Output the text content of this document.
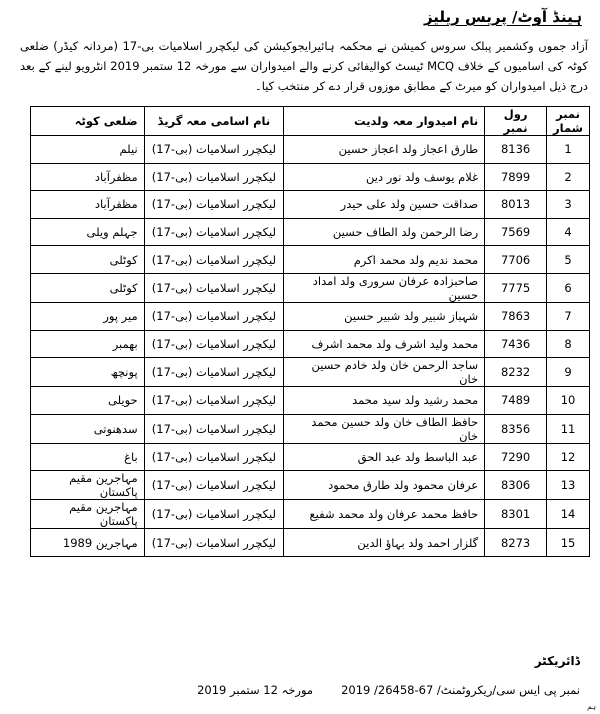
ہینڈ آوٹ/ پریس ریلیز
آزاد جموں وکشمیر پبلک سروس کمیشن نے محکمہ ہائیرایجوکیشن کی لیکچرر اسلامیات بی-17 (مردانہ کیڈر) ضلعی کوٹہ کی اسامیوں کے خلاف MCQ ٹیسٹ کوالیفائی کرنے والے امیدواران سے مورخہ 12 ستمبر 2019 انٹرویو لینے کے بعد درج ذیل امیدواران کو میرٹ کے مطابق موزوں قرار دے کر منتخب کیا۔
نمبر شمار	رول نمبر	نام امیدوار معہ ولدیت	نام اسامی معہ گریڈ	ضلعی کوٹہ
1	8136	طارق اعجاز ولد اعجاز حسین	لیکچرر اسلامیات (بی-17)	نیلم
2	7899	غلام یوسف ولد نور دین	لیکچرر اسلامیات (بی-17)	مظفرآباد
3	8013	صداقت حسین ولد علی حیدر	لیکچرر اسلامیات (بی-17)	مظفرآباد
4	7569	رضا الرحمن ولد الطاف حسین	لیکچرر اسلامیات (بی-17)	جہلم ویلی
5	7706	محمد ندیم ولد محمد اکرم	لیکچرر اسلامیات (بی-17)	کوٹلی
6	7775	صاحبزادہ عرفان سروری ولد امداد حسین	لیکچرر اسلامیات (بی-17)	کوٹلی
7	7863	شہباز شبیر ولد شبیر حسین	لیکچرر اسلامیات (بی-17)	میر پور
8	7436	محمد ولید اشرف ولد محمد اشرف	لیکچرر اسلامیات (بی-17)	بھمبر
9	8232	ساجد الرحمن خان ولد خادم حسین خان	لیکچرر اسلامیات (بی-17)	پونچھ
10	7489	محمد رشید ولد سید محمد	لیکچرر اسلامیات (بی-17)	حویلی
11	8356	حافظ الطاف خان ولد حسین محمد خان	لیکچرر اسلامیات (بی-17)	سدھنوتی
12	7290	عبد الباسط ولد عبد الحق	لیکچرر اسلامیات (بی-17)	باغ
13	8306	عرفان محمود ولد طارق محمود	لیکچرر اسلامیات (بی-17)	مہاجرین مقیم پاکستان
14	8301	حافظ محمد عرفان ولد محمد شفیع	لیکچرر اسلامیات (بی-17)	مہاجرین مقیم پاکستان
15	8273	گلزار احمد ولد بہاؤ الدین	لیکچرر اسلامیات (بی-17)	مہاجرین 1989
ڈائریکٹر
نمبر پی ایس سی/ریکروٹمنٹ/ 67-26458/ 2019مورخہ 12 ستمبر 2019
ہم
